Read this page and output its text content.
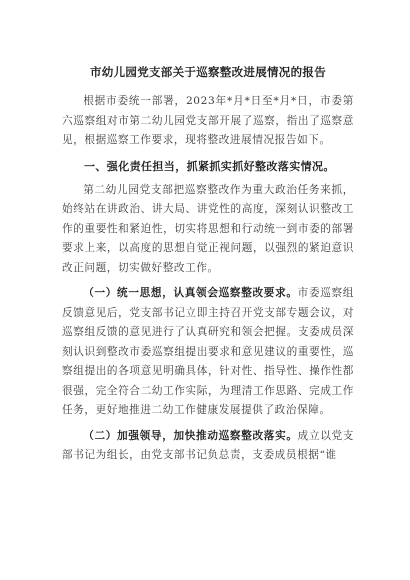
市幼儿园党支部关于巡察整改进展情况的报告

根据市委统一部署，2023年*月*日至*月*日，市委第六巡察组对市第二幼儿园党支部开展了巡察，指出了巡察意见，根据巡察工作要求，现将整改进展情况报告如下。

一、强化责任担当，抓紧抓实抓好整改落实情况。

第二幼儿园党支部把巡察整改作为重大政治任务来抓，始终站在讲政治、讲大局、讲党性的高度，深刻认识整改工作的重要性和紧迫性，切实将思想和行动统一到市委的部署要求上来，以高度的思想自觉正视问题，以强烈的紧迫意识改正问题，切实做好整改工作。

（一）统一思想，认真领会巡察整改要求。市委巡察组反馈意见后，党支部书记立即主持召开党支部专题会议，对巡察组反馈的意见进行了认真研究和领会把握。支委成员深刻认识到整改市委巡察组提出要求和意见建议的重要性，巡察组提出的各项意见明确具体，针对性、指导性、操作性都很强，完全符合二幼工作实际，为理清工作思路、完成工作任务，更好地推进二幼工作健康发展提供了政治保障。

（二）加强领导，加快推动巡察整改落实。成立以党支部书记为组长，由党支部书记负总责，支委成员根据“谁
